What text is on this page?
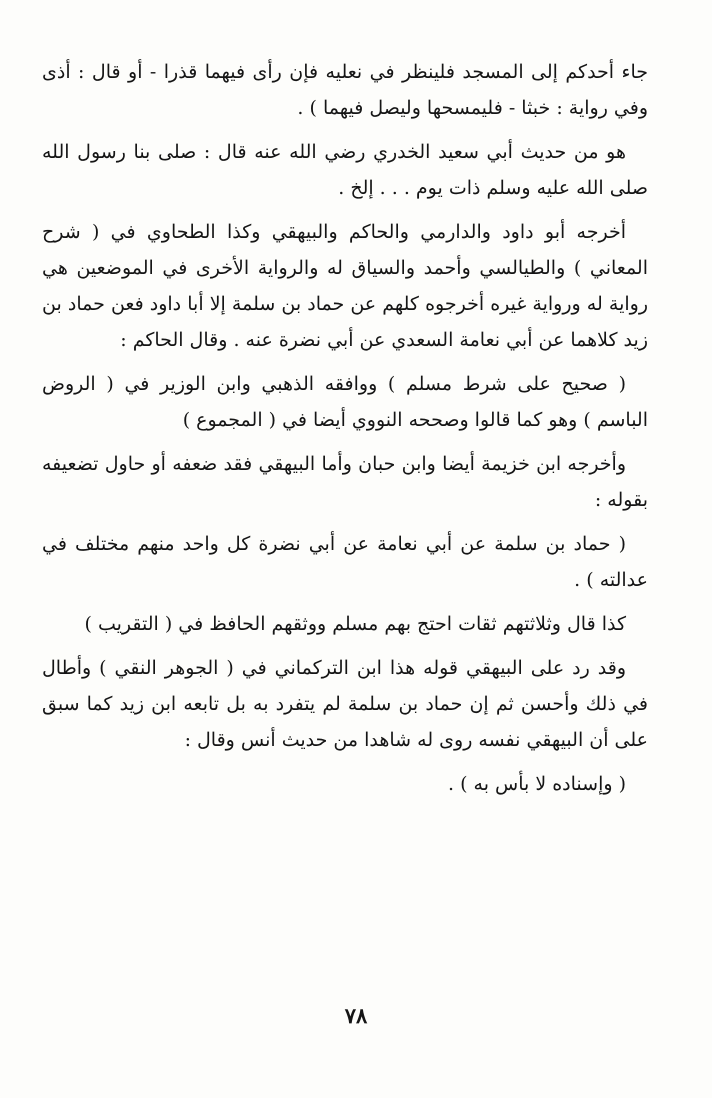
جاء أحدكم إلى المسجد فلينظر في نعليه فإن رأى فيهما قذرا - أو قال : أذى وفي رواية : خبثا - فليمسحها وليصل فيهما ) .

هو من حديث أبي سعيد الخدري رضي الله عنه قال : صلى بنا رسول الله صلى الله عليه وسلم ذات يوم . . . إلخ .

أخرجه أبو داود والدارمي والحاكم والبيهقي وكذا الطحاوي في ( شرح المعاني ) والطيالسي وأحمد والسياق له والرواية الأخرى في الموضعين هي رواية له ورواية غيره أخرجوه كلهم عن حماد بن سلمة إلا أبا داود فعن حماد بن زيد كلاهما عن أبي نعامة السعدي عن أبي نضرة عنه . وقال الحاكم :

( صحيح على شرط مسلم ) ووافقه الذهبي وابن الوزير في ( الروض الباسم ) وهو كما قالوا وصححه النووي أيضا في ( المجموع )

وأخرجه ابن خزيمة أيضا وابن حبان وأما البيهقي فقد ضعفه أو حاول تضعيفه بقوله :

( حماد بن سلمة عن أبي نعامة عن أبي نضرة كل واحد منهم مختلف في عدالته ) .

كذا قال وثلاثتهم ثقات احتج بهم مسلم ووثقهم الحافظ في ( التقريب )

وقد رد على البيهقي قوله هذا ابن التركماني في ( الجوهر النقي ) وأطال في ذلك وأحسن ثم إن حماد بن سلمة لم يتفرد به بل تابعه ابن زيد كما سبق على أن البيهقي نفسه روى له شاهدا من حديث أنس وقال :

( وإسناده لا بأس به ) .

٧٨
